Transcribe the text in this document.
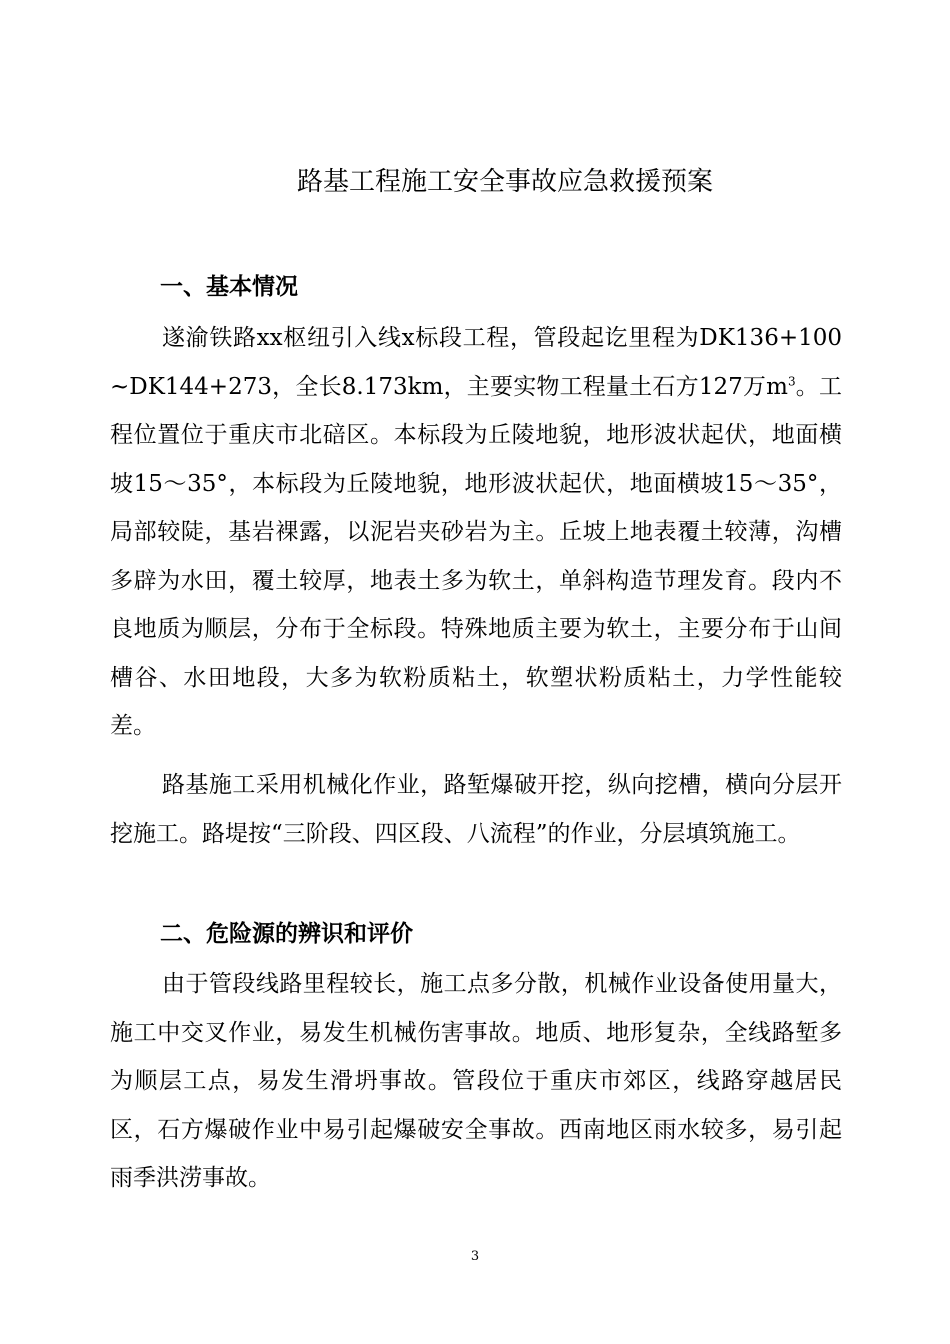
路基工程施工安全事故应急救援预案
一、基本情况

遂渝铁路xx枢纽引入线x标段工程，管段起讫里程为DK136+100~DK144+273，全长8.173km，主要实物工程量土石方127万$m^3$。工程位置位于重庆市北碚区。本标段为丘陵地貌，地形波状起伏，地面横坡15～35°，本标段为丘陵地貌，地形波状起伏，地面横坡15～35°，局部较陡，基岩裸露，以泥岩夹砂岩为主。丘坡上地表覆土较薄，沟槽多辟为水田，覆土较厚，地表土多为软土，单斜构造节理发育。段内不良地质为顺层，分布于全标段。特殊地质主要为软土，主要分布于山间槽谷、水田地段，大多为软粉质粘土，软塑状粉质粘土，力学性能较差。

路基施工采用机械化作业，路堑爆破开挖，纵向挖槽，横向分层开挖施工。路堤按“三阶段、四区段、八流程”的作业，分层填筑施工。

二、危险源的辨识和评价

由于管段线路里程较长，施工点多分散，机械作业设备使用量大，施工中交叉作业，易发生机械伤害事故。地质、地形复杂，全线路堑多为顺层工点，易发生滑坍事故。管段位于重庆市郊区，线路穿越居民区，石方爆破作业中易引起爆破安全事故。西南地区雨水较多，易引起雨季洪涝事故。

3
